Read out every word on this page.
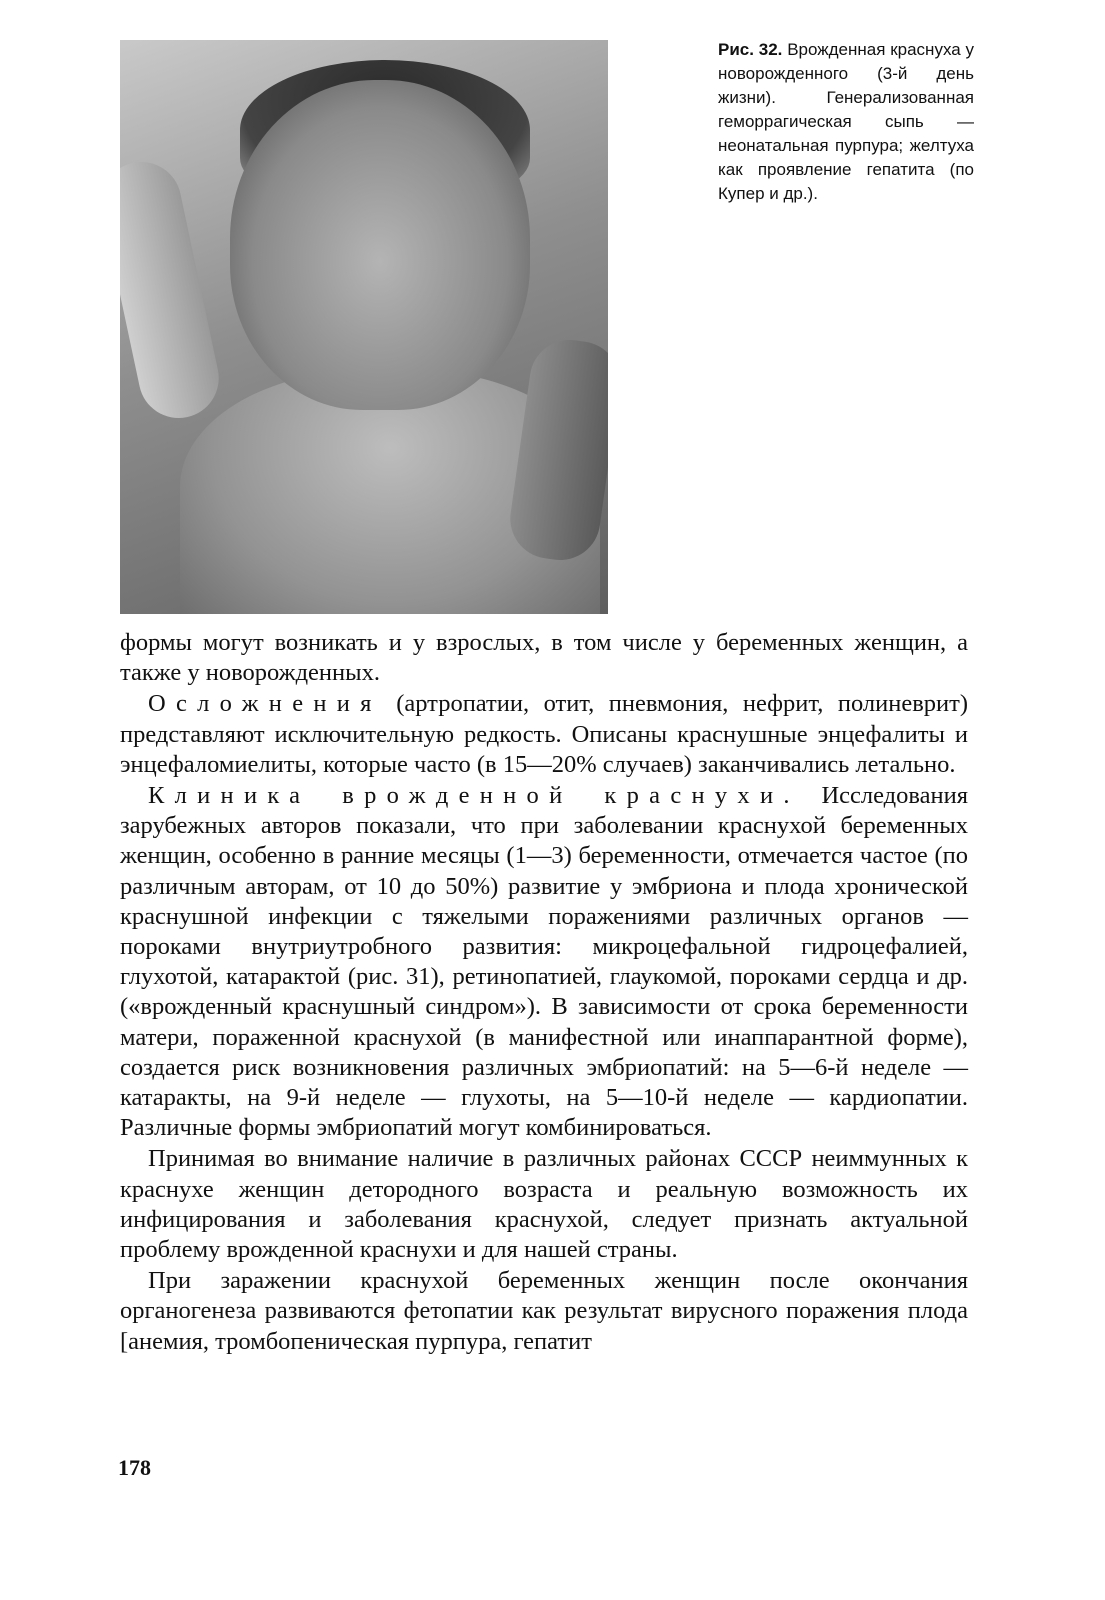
Рис. 32. Врожденная краснуха у новорожденного (3-й день жизни). Генерализованная геморрагическая сыпь — неонатальная пурпура; желтуха как проявление гепатита (по Купер и др.).

формы могут возникать и у взрослых, в том числе у беременных женщин, а также у новорожденных.

Осложнения (артропатии, отит, пневмония, нефрит, полиневрит) представляют исключительную редкость. Описаны краснушные энцефалиты и энцефаломиелиты, которые часто (в 15—20% случаев) заканчивались летально.

Клиника врожденной краснухи. Исследования зарубежных авторов показали, что при заболевании краснухой беременных женщин, особенно в ранние месяцы (1—3) беременности, отмечается частое (по различным авторам, от 10 до 50%) развитие у эмбриона и плода хронической краснушной инфекции с тяжелыми поражениями различных органов — пороками внутриутробного развития: микроцефальной гидроцефалией, глухотой, катарактой (рис. 31), ретинопатией, глаукомой, пороками сердца и др. («врожденный краснушный синдром»). В зависимости от срока беременности матери, пораженной краснухой (в манифестной или инаппарантной форме), создается риск возникновения различных эмбриопатий: на 5—6-й неделе — катаракты, на 9-й неделе — глухоты, на 5—10-й неделе — кардиопатии. Различные формы эмбриопатий могут комбинироваться.

Принимая во внимание наличие в различных районах СССР неиммунных к краснухе женщин детородного возраста и реальную возможность их инфицирования и заболевания краснухой, следует признать актуальной проблему врожденной краснухи и для нашей страны.

При заражении краснухой беременных женщин после окончания органогенеза развиваются фетопатии как результат вирусного поражения плода [анемия, тромбопеническая пурпура, гепатит

178
